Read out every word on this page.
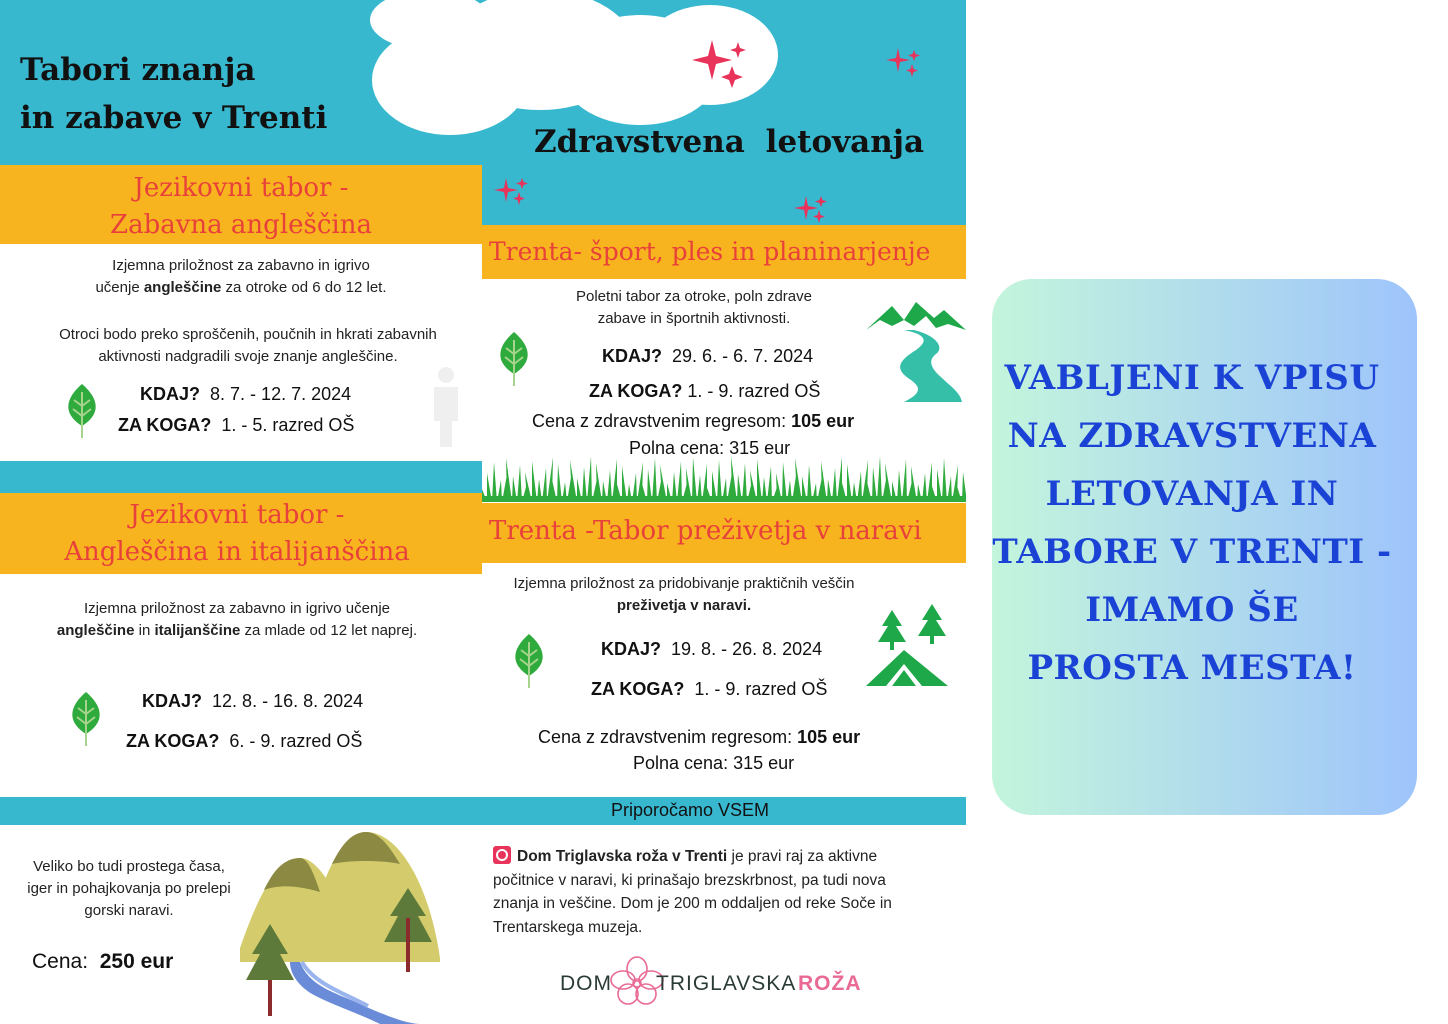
Tabori znanja
in zabave v Trenti
Zdravstvena letovanja
Jezikovni tabor -
Zabavna angleščina
Izjemna priložnost za zabavno in igrivo
učenje angleščine za otroke od 6 do 12 let.
Otroci bodo preko sproščenih, poučnih in hkrati zabavnih
aktivnosti nadgradili svoje znanje angleščine.
KDAJ? 8. 7. - 12. 7. 2024
ZA KOGA? 1. - 5. razred OŠ
Jezikovni tabor -
Angleščina in italijanščina
Izjemna priložnost za zabavno in igrivo učenje
angleščine in italijanščine za mlade od 12 let naprej.
KDAJ? 12. 8. - 16. 8. 2024
ZA KOGA? 6. - 9. razred OŠ
Trenta- šport, ples in planinarjenje
Poletni tabor za otroke, poln zdrave
zabave in športnih aktivnosti.
KDAJ? 29. 6. - 6. 7. 2024
ZA KOGA? 1. - 9. razred OŠ
Cena z zdravstvenim regresom: 105 eur
Polna cena: 315 eur
Trenta -Tabor preživetja v naravi
Izjemna priložnost za pridobivanje praktičnih veščin
preživetja v naravi.
KDAJ? 19. 8. - 26. 8. 2024
ZA KOGA? 1. - 9. razred OŠ
Cena z zdravstvenim regresom: 105 eur
Polna cena: 315 eur
Priporočamo VSEM
Veliko bo tudi prostega časa,
iger in pohajkovanja po prelepi
gorski naravi.
Cena: 250 eur
Dom Triglavska roža v Trenti je pravi raj za aktivne
počitnice v naravi, ki prinašajo brezskrbnost, pa tudi nova
znanja in veščine. Dom je 200 m oddaljen od reke Soče in
Trentarskega muzeja.
DOM TRIGLAVSKA ROŽA
VABLJENI K VPISU
NA ZDRAVSTVENA
LETOVANJA IN
TABORE V TRENTI -
IMAMO ŠE
PROSTA MESTA!
